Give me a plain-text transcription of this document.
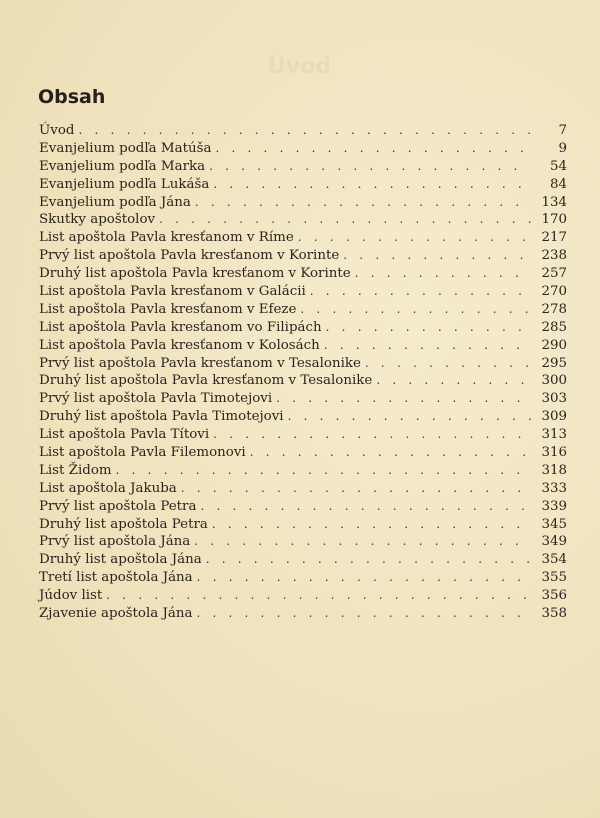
Úvod
Obsah
Úvod . . .	7
Evanjelium podľa Matúša . . .	9
Evanjelium podľa Marka . . .	54
Evanjelium podľa Lukáša . . .	84
Evanjelium podľa Jána . . .	134
Skutky apoštolov . . .	170
List apoštola Pavla kresťanom v Ríme . . .	217
Prvý list apoštola Pavla kresťanom v Korinte . . .	238
Druhý list apoštola Pavla kresťanom v Korinte . . .	257
List apoštola Pavla kresťanom v Galácii . . .	270
List apoštola Pavla kresťanom v Efeze . . .	278
List apoštola Pavla kresťanom vo Filipách . . .	285
List apoštola Pavla kresťanom v Kolosách . . .	290
Prvý list apoštola Pavla kresťanom v Tesalonike . . .	295
Druhý list apoštola Pavla kresťanom v Tesalonike . . .	300
Prvý list apoštola Pavla Timotejovi . . .	303
Druhý list apoštola Pavla Timotejovi . . .	309
List apoštola Pavla Títovi . . .	313
List apoštola Pavla Filemonovi . . .	316
List Židom . . .	318
List apoštola Jakuba . . .	333
Prvý list apoštola Petra . . .	339
Druhý list apoštola Petra . . .	345
Prvý list apoštola Jána . . .	349
Druhý list apoštola Jána . . .	354
Tretí list apoštola Jána . . .	355
Júdov list . . .	356
Zjavenie apoštola Jána . . .	358
